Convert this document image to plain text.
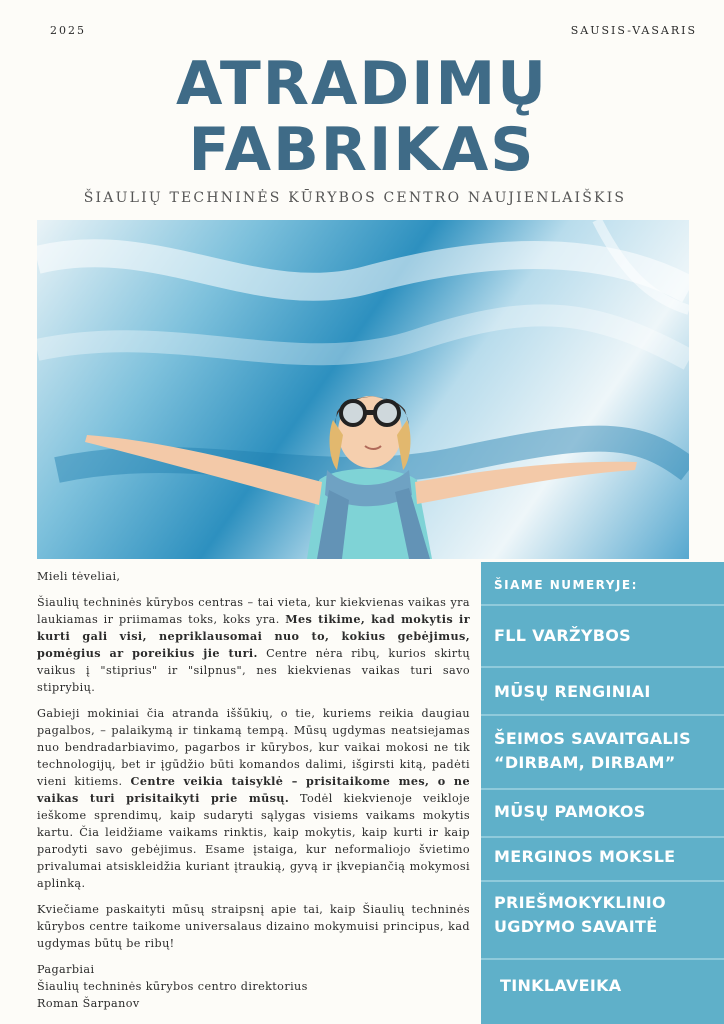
2025	SAUSIS-VASARIS
ATRADIMŲ
FABRIKAS
ŠIAULIŲ TECHNINĖS KŪRYBOS CENTRO NAUJIENLAIŠKIS

Mieli tėveliai,

Šiaulių techninės kūrybos centras – tai vieta, kur kiekvienas vaikas yra laukiamas ir priimamas toks, koks yra. Mes tikime, kad mokytis ir kurti gali visi, nepriklausomai nuo to, kokius gebėjimus, pomėgius ar poreikius jie turi. Centre nėra ribų, kurios skirtų vaikus į "stiprius" ir "silpnus", nes kiekvienas vaikas turi savo stiprybių.

Gabieji mokiniai čia atranda iššūkių, o tie, kuriems reikia daugiau pagalbos, – palaikymą ir tinkamą tempą. Mūsų ugdymas neatsiejamas nuo bendradarbiavimo, pagarbos ir kūrybos, kur vaikai mokosi ne tik technologijų, bet ir įgūdžio būti komandos dalimi, išgirsti kitą, padėti vieni kitiems. Centre veikia taisyklė – prisitaikome mes, o ne vaikas turi prisitaikyti prie mūsų. Todėl kiekvienoje veikloje ieškome sprendimų, kaip sudaryti sąlygas visiems vaikams mokytis kartu. Čia leidžiame vaikams rinktis, kaip mokytis, kaip kurti ir kaip parodyti savo gebėjimus. Esame įstaiga, kur neformaliojo švietimo privalumai atsiskleidžia kuriant įtraukią, gyvą ir įkvepiančią mokymosi aplinką.

Kviečiame paskaityti mūsų straipsnį apie tai, kaip Šiaulių techninės kūrybos centre taikome universalaus dizaino mokymuisi principus, kad ugdymas būtų be ribų!

Pagarbiai
Šiaulių techninės kūrybos centro direktorius
Roman Šarpanov
ŠIAME NUMERYJE:
FLL VARŽYBOS
MŪSŲ RENGINIAI
ŠEIMOS SAVAITGALIS
“DIRBAM, DIRBAM”
MŪSŲ PAMOKOS
MERGINOS MOKSLE
PRIEŠMOKYKLINIO
UGDYMO SAVAITĖ
TINKLAVEIKA
